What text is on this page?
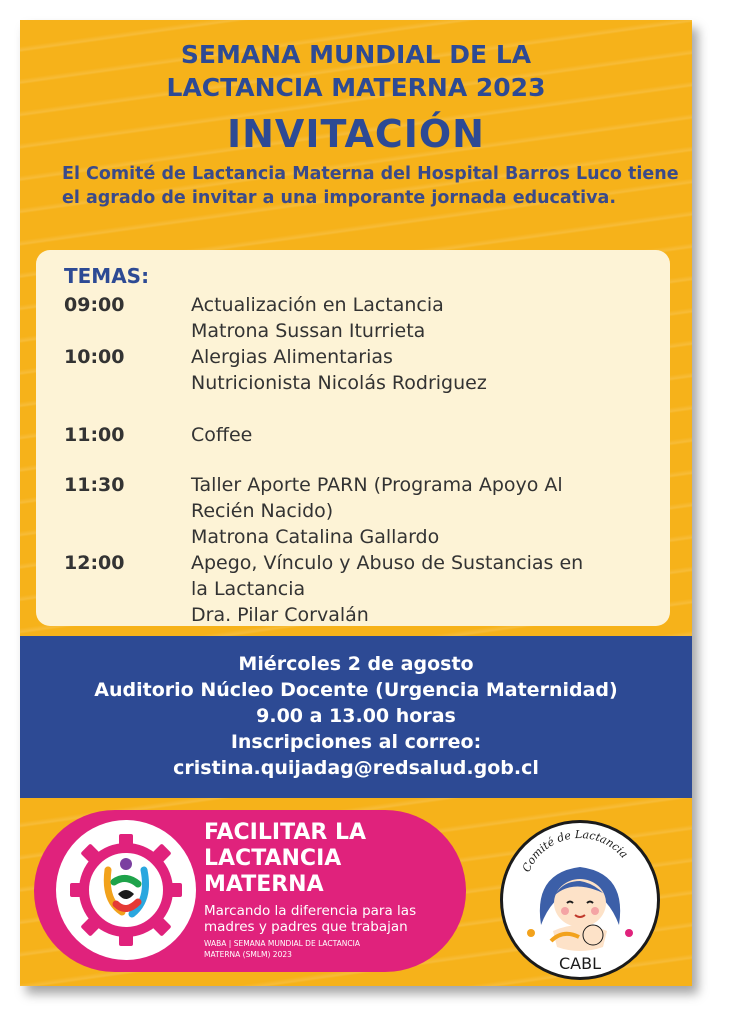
SEMANA MUNDIAL DE LA
LACTANCIA MATERNA 2023
INVITACIÓN
El Comité de Lactancia Materna del Hospital Barros Luco tiene el agrado de invitar a una imporante jornada educativa.
TEMAS:
09:00	Actualización en Lactancia
Matrona Sussan Iturrieta
10:00	Alergias Alimentarias
Nutricionista Nicolás Rodriguez
11:00	Coffee
11:30	Taller Aporte PARN (Programa Apoyo Al
Recién Nacido)
Matrona Catalina Gallardo
12:00	Apego, Vínculo y Abuso de Sustancias en
la Lactancia
Dra. Pilar Corvalán
Miércoles 2 de agosto
Auditorio Núcleo Docente (Urgencia Maternidad)
9.00 a 13.00 horas
Inscripciones al correo:
cristina.quijadag@redsalud.gob.cl
FACILITAR LA
LACTANCIA
MATERNA
Marcando la diferencia para las madres y padres que trabajan
WABA | SEMANA MUNDIAL DE LACTANCIA
MATERNA (SMLM) 2023
Comité de Lactancia
CABL
